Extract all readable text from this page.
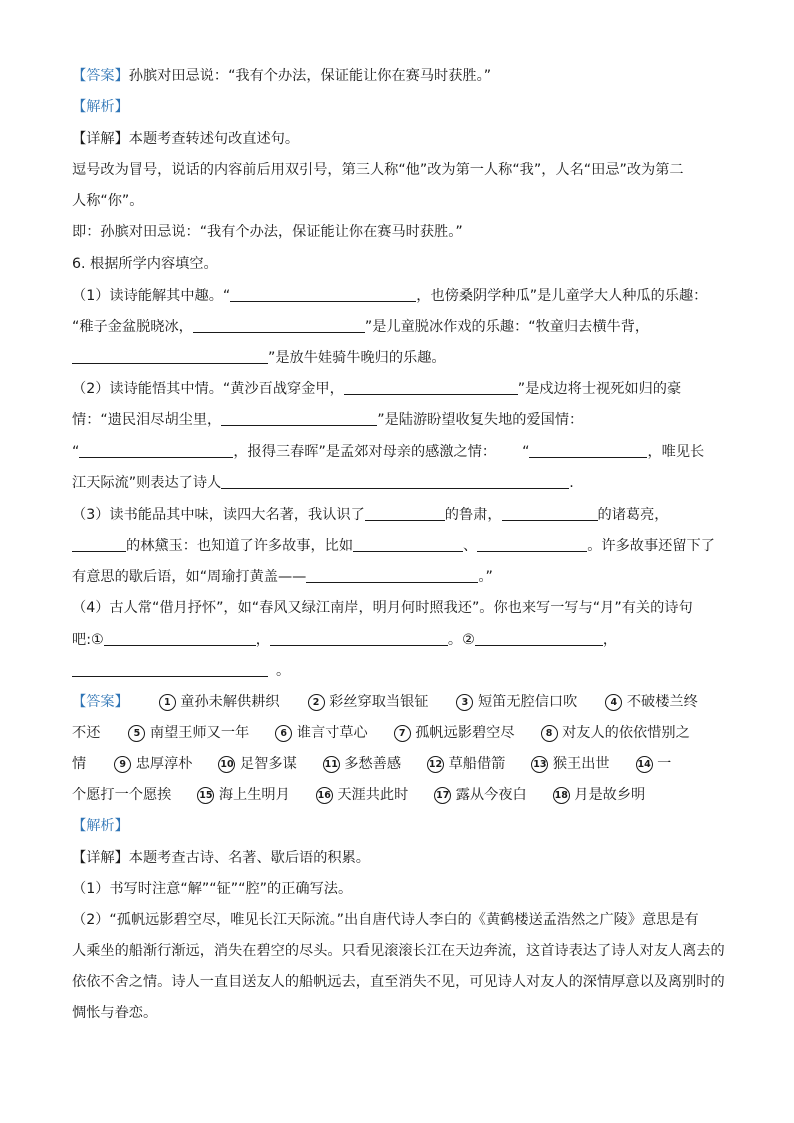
【答案】孙膑对田忌说：“我有个办法，保证能让你在赛马时获胜。”
【解析】
【详解】本题考查转述句改直述句。
逗号改为冒号，说话的内容前后用双引号，第三人称“他”改为第一人称“我”，人名“田忌”改为第二
人称“你”。
即：孙膑对田忌说：“我有个办法，保证能让你在赛马时获胜。”
6. 根据所学内容填空。
（1）读诗能解其中趣。“	，也傍桑阴学种瓜”是儿童学大人种瓜的乐趣：
“稚子金盆脱晓冰，	”是儿童脱冰作戏的乐趣：“牧童归去横牛背，
”是放牛娃骑牛晚归的乐趣。
（2）读诗能悟其中情。“黄沙百战穿金甲，	”是戍边将士视死如归的豪
情：“遗民泪尽胡尘里，	”是陆游盼望收复失地的爱国情：
“	，报得三春晖”是孟郊对母亲的感激之情： “	，唯见长
江天际流”则表达了诗人	.
（3）读书能品其中味，读四大名著，我认识了	的鲁肃，	的诸葛亮，
的林黛玉：也知道了许多故事，比如	、	。许多故事还留下了
有意思的歇后语，如“周瑜打黄盖——	。”
（4）古人常“借月抒怀”，如“春风又绿江南岸，明月何时照我还”。你也来写一写与“月”有关的诗句
吧:①	，	。②	，
。
【答案】	1 童孙未解供耕织	2 彩丝穿取当银钲	3 短笛无腔信口吹	4 不破楼兰终
不还	5 南望王师又一年	6 谁言寸草心	7 孤帆远影碧空尽	8 对友人的依依惜别之
情	9 忠厚淳朴	10 足智多谋	11 多愁善感	12 草船借箭	13 猴王出世	14 一
个愿打一个愿挨	15 海上生明月	16 天涯共此时	17 露从今夜白	18 月是故乡明
【解析】
【详解】本题考查古诗、名著、歇后语的积累。
（1）书写时注意“解”“钲”“腔”的正确写法。
（2）“孤帆远影碧空尽，唯见长江天际流。”出自唐代诗人李白的《黄鹤楼送孟浩然之广陵》意思是有
人乘坐的船渐行渐远，消失在碧空的尽头。只看见滚滚长江在天边奔流，这首诗表达了诗人对友人离去的
依依不舍之情。诗人一直目送友人的船帆远去，直至消失不见，可见诗人对友人的深情厚意以及离别时的
惆怅与眷恋。
